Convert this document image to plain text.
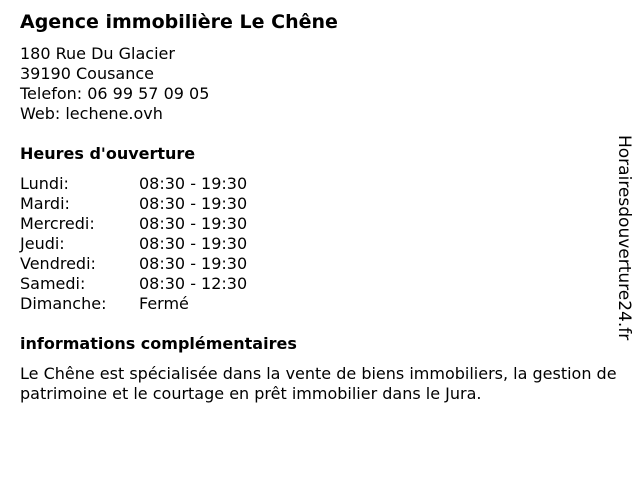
Agence immobilière Le Chêne
180 Rue Du Glacier
39190 Cousance
Telefon: 06 99 57 09 05
Web: lechene.ovh
Heures d'ouverture
Lundi:	08:30 - 19:30
Mardi:	08:30 - 19:30
Mercredi:	08:30 - 19:30
Jeudi:	08:30 - 19:30
Vendredi:	08:30 - 19:30
Samedi:	08:30 - 12:30
Dimanche:	Fermé
informations complémentaires
Le Chêne est spécialisée dans la vente de biens immobiliers, la gestion de patrimoine et le courtage en prêt immobilier dans le Jura.
Horairesdouverture24.fr
